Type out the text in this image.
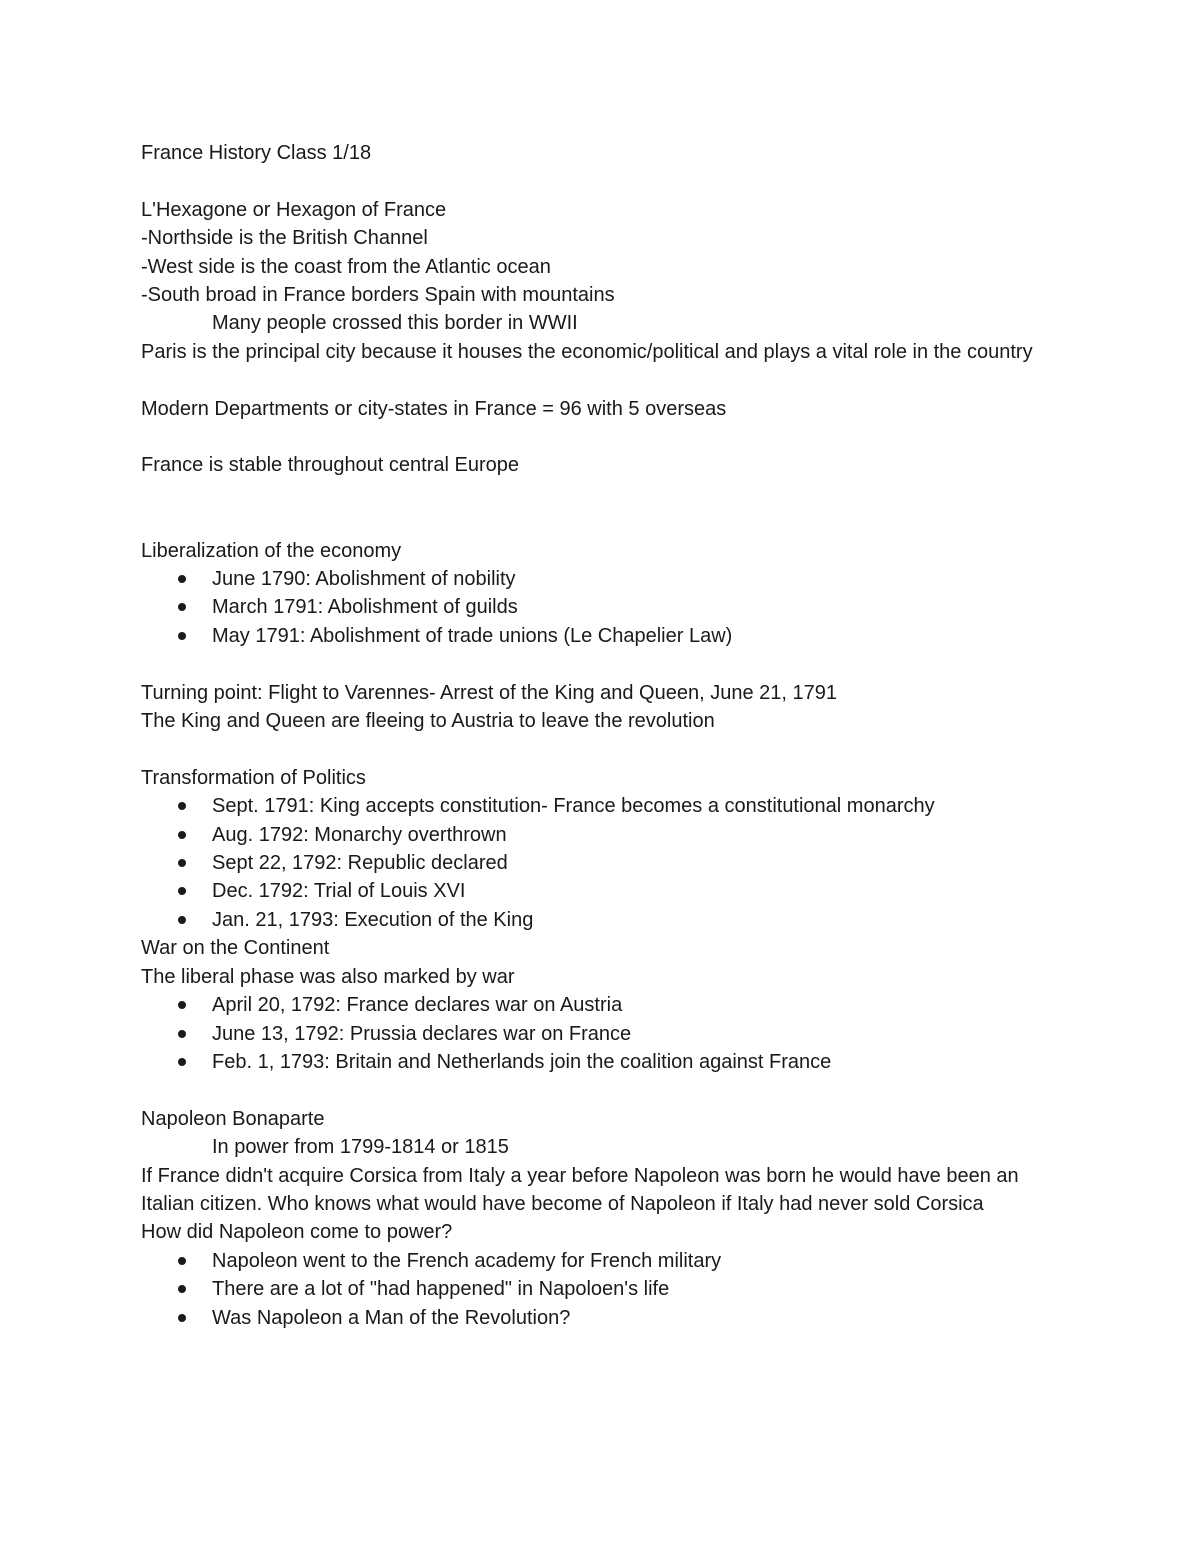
France History Class 1/18

L'Hexagone or Hexagon of France

-Northside is the British Channel

-West side is the coast from the Atlantic ocean

-South broad in France borders Spain with mountains

Many people crossed this border in WWII

Paris is the principal city because it houses the economic/political and plays a vital role in the country

Modern Departments or city-states in France = 96 with 5 overseas

France is stable throughout central Europe

Liberalization of the economy

June 1790: Abolishment of nobility
March 1791: Abolishment of guilds
May 1791: Abolishment of trade unions (Le Chapelier Law)

Turning point: Flight to Varennes- Arrest of the King and Queen, June 21, 1791

The King and Queen are fleeing to Austria to leave the revolution

Transformation of Politics

Sept. 1791: King accepts constitution- France becomes a constitutional monarchy
Aug. 1792: Monarchy overthrown
Sept 22, 1792: Republic declared
Dec. 1792: Trial of Louis XVI
Jan. 21, 1793: Execution of the King

War on the Continent

The liberal phase was also marked by war

April 20, 1792: France declares war on Austria
June 13, 1792: Prussia declares war on France
Feb. 1, 1793: Britain and Netherlands join the coalition against France

Napoleon Bonaparte

In power from 1799-1814 or 1815

If France didn't acquire Corsica from Italy a year before Napoleon was born he would have been an Italian citizen. Who knows what would have become of Napoleon if Italy had never sold Corsica

How did Napoleon come to power?

Napoleon went to the French academy for French military
There are a lot of "had happened" in Napoloen's life
Was Napoleon a Man of the Revolution?
